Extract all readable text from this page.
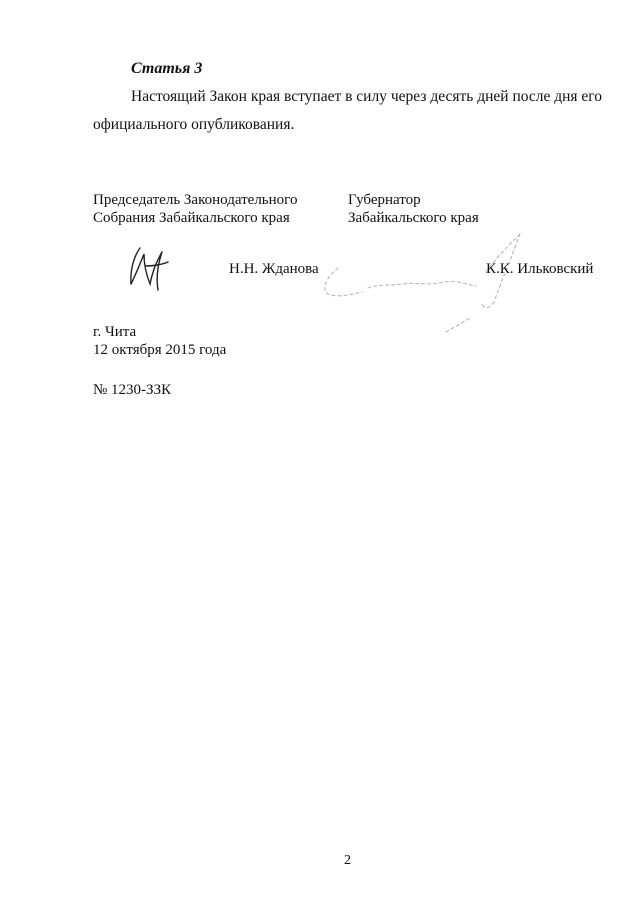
Статья 3
Настоящий Закон края вступает в силу через десять дней после дня его
официального опубликования.
Председатель Законодательного
Собрания Забайкальского края
Губернатор
Забайкальского края
Н.Н. Жданова	К.К. Ильковский
г. Чита
12 октября 2015 года
№ 1230-ЗЗК
2
